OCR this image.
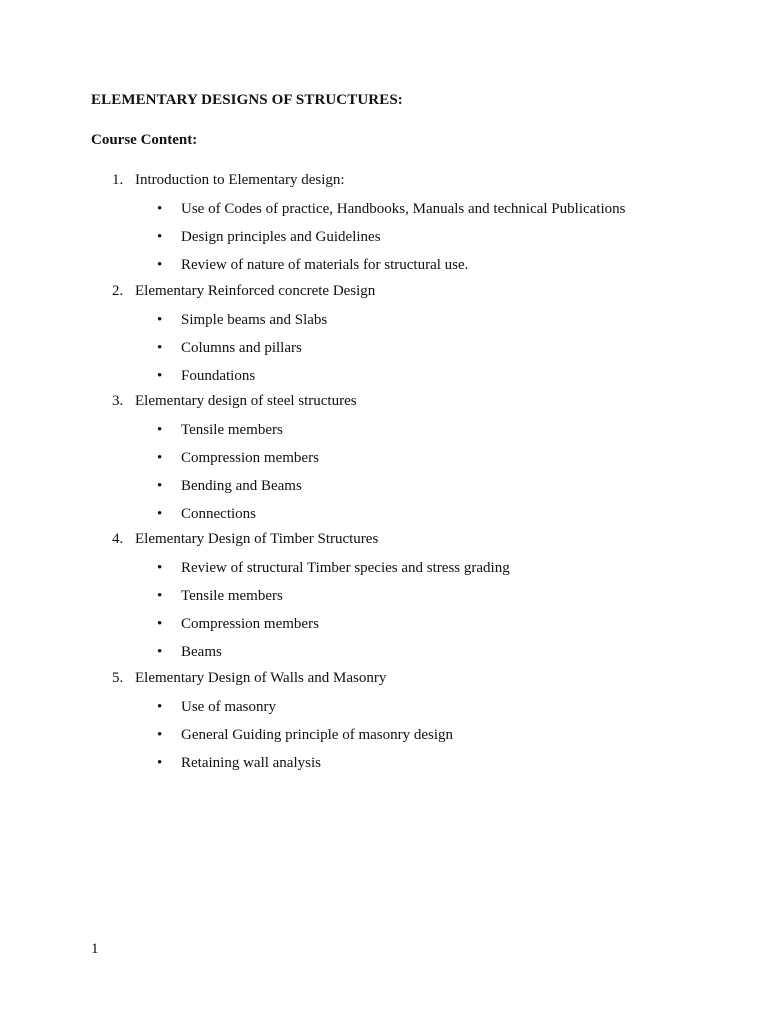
ELEMENTARY DESIGNS OF STRUCTURES:
Course Content:
1. Introduction to Elementary design:
• Use of Codes of practice, Handbooks, Manuals and technical Publications
• Design principles and Guidelines
• Review of nature of materials for structural use.
2. Elementary Reinforced concrete Design
• Simple beams and Slabs
• Columns and pillars
• Foundations
3. Elementary design of steel structures
• Tensile members
• Compression members
• Bending and Beams
• Connections
4. Elementary Design of Timber Structures
• Review of structural Timber species and stress grading
• Tensile members
• Compression members
• Beams
5. Elementary Design of Walls and Masonry
• Use of masonry
• General Guiding principle of masonry design
• Retaining wall analysis
1
